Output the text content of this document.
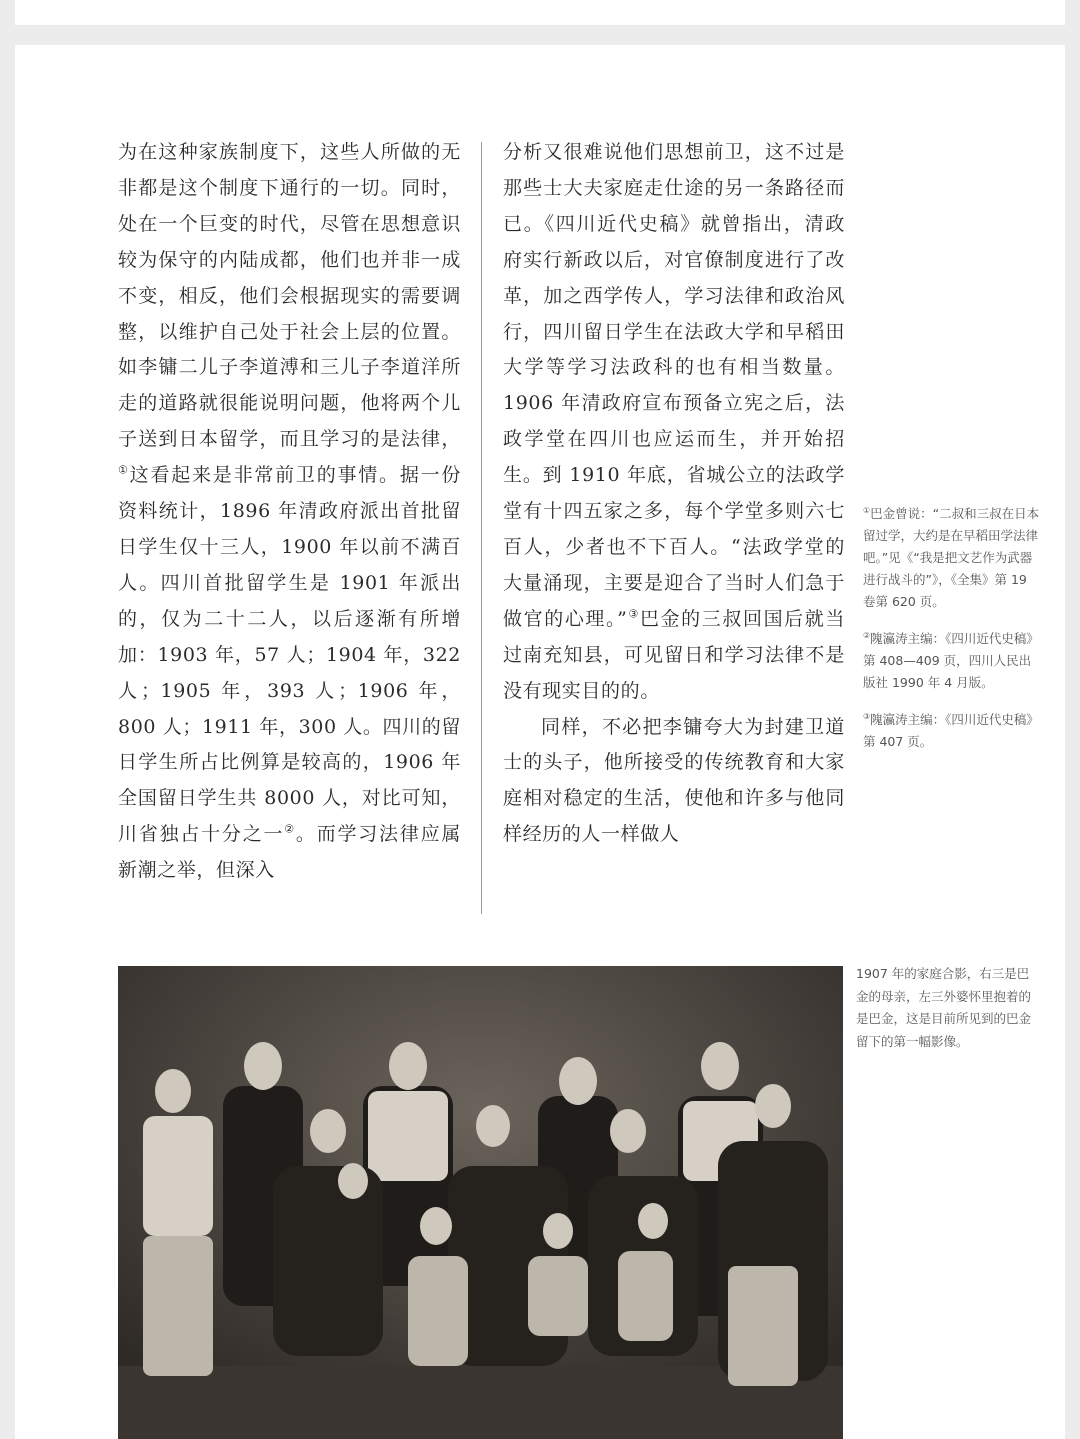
为在这种家族制度下，这些人所做的无非都是这个制度下通行的一切。同时，处在一个巨变的时代，尽管在思想意识较为保守的内陆成都，他们也并非一成不变，相反，他们会根据现实的需要调整，以维护自己处于社会上层的位置。如李镛二儿子李道溥和三儿子李道洋所走的道路就很能说明问题，他将两个儿子送到日本留学，而且学习的是法律，①这看起来是非常前卫的事情。据一份资料统计，1896 年清政府派出首批留日学生仅十三人，1900 年以前不满百人。四川首批留学生是 1901 年派出的，仅为二十二人，以后逐渐有所增加：1903 年，57 人；1904 年，322 人；1905 年，393 人；1906 年，800 人；1911 年，300 人。四川的留日学生所占比例算是较高的，1906 年全国留日学生共 8000 人，对比可知，川省独占十分之一②。而学习法律应属新潮之举，但深入

分析又很难说他们思想前卫，这不过是那些士大夫家庭走仕途的另一条路径而已。《四川近代史稿》就曾指出，清政府实行新政以后，对官僚制度进行了改革，加之西学传人，学习法律和政治风行，四川留日学生在法政大学和早稻田大学等学习法政科的也有相当数量。1906 年清政府宣布预备立宪之后，法政学堂在四川也应运而生，并开始招生。到 1910 年底，省城公立的法政学堂有十四五家之多，每个学堂多则六七百人，少者也不下百人。“法政学堂的大量涌现，主要是迎合了当时人们急于做官的心理。”③巴金的三叔回国后就当过南充知县，可见留日和学习法律不是没有现实目的的。

同样，不必把李镛夸大为封建卫道士的头子，他所接受的传统教育和大家庭相对稳定的生活，使他和许多与他同样经历的人一样做人

①巴金曾说：“二叔和三叔在日本留过学，大约是在早稻田学法律吧。”见《“我是把文艺作为武器进行战斗的”》，《全集》第 19 卷第 620 页。

②隗瀛涛主编：《四川近代史稿》第 408—409 页，四川人民出版社 1990 年 4 月版。

③隗瀛涛主编：《四川近代史稿》第 407 页。

1907 年的家庭合影，右三是巴金的母亲，左三外婆怀里抱着的是巴金，这是目前所见到的巴金留下的第一幅影像。
